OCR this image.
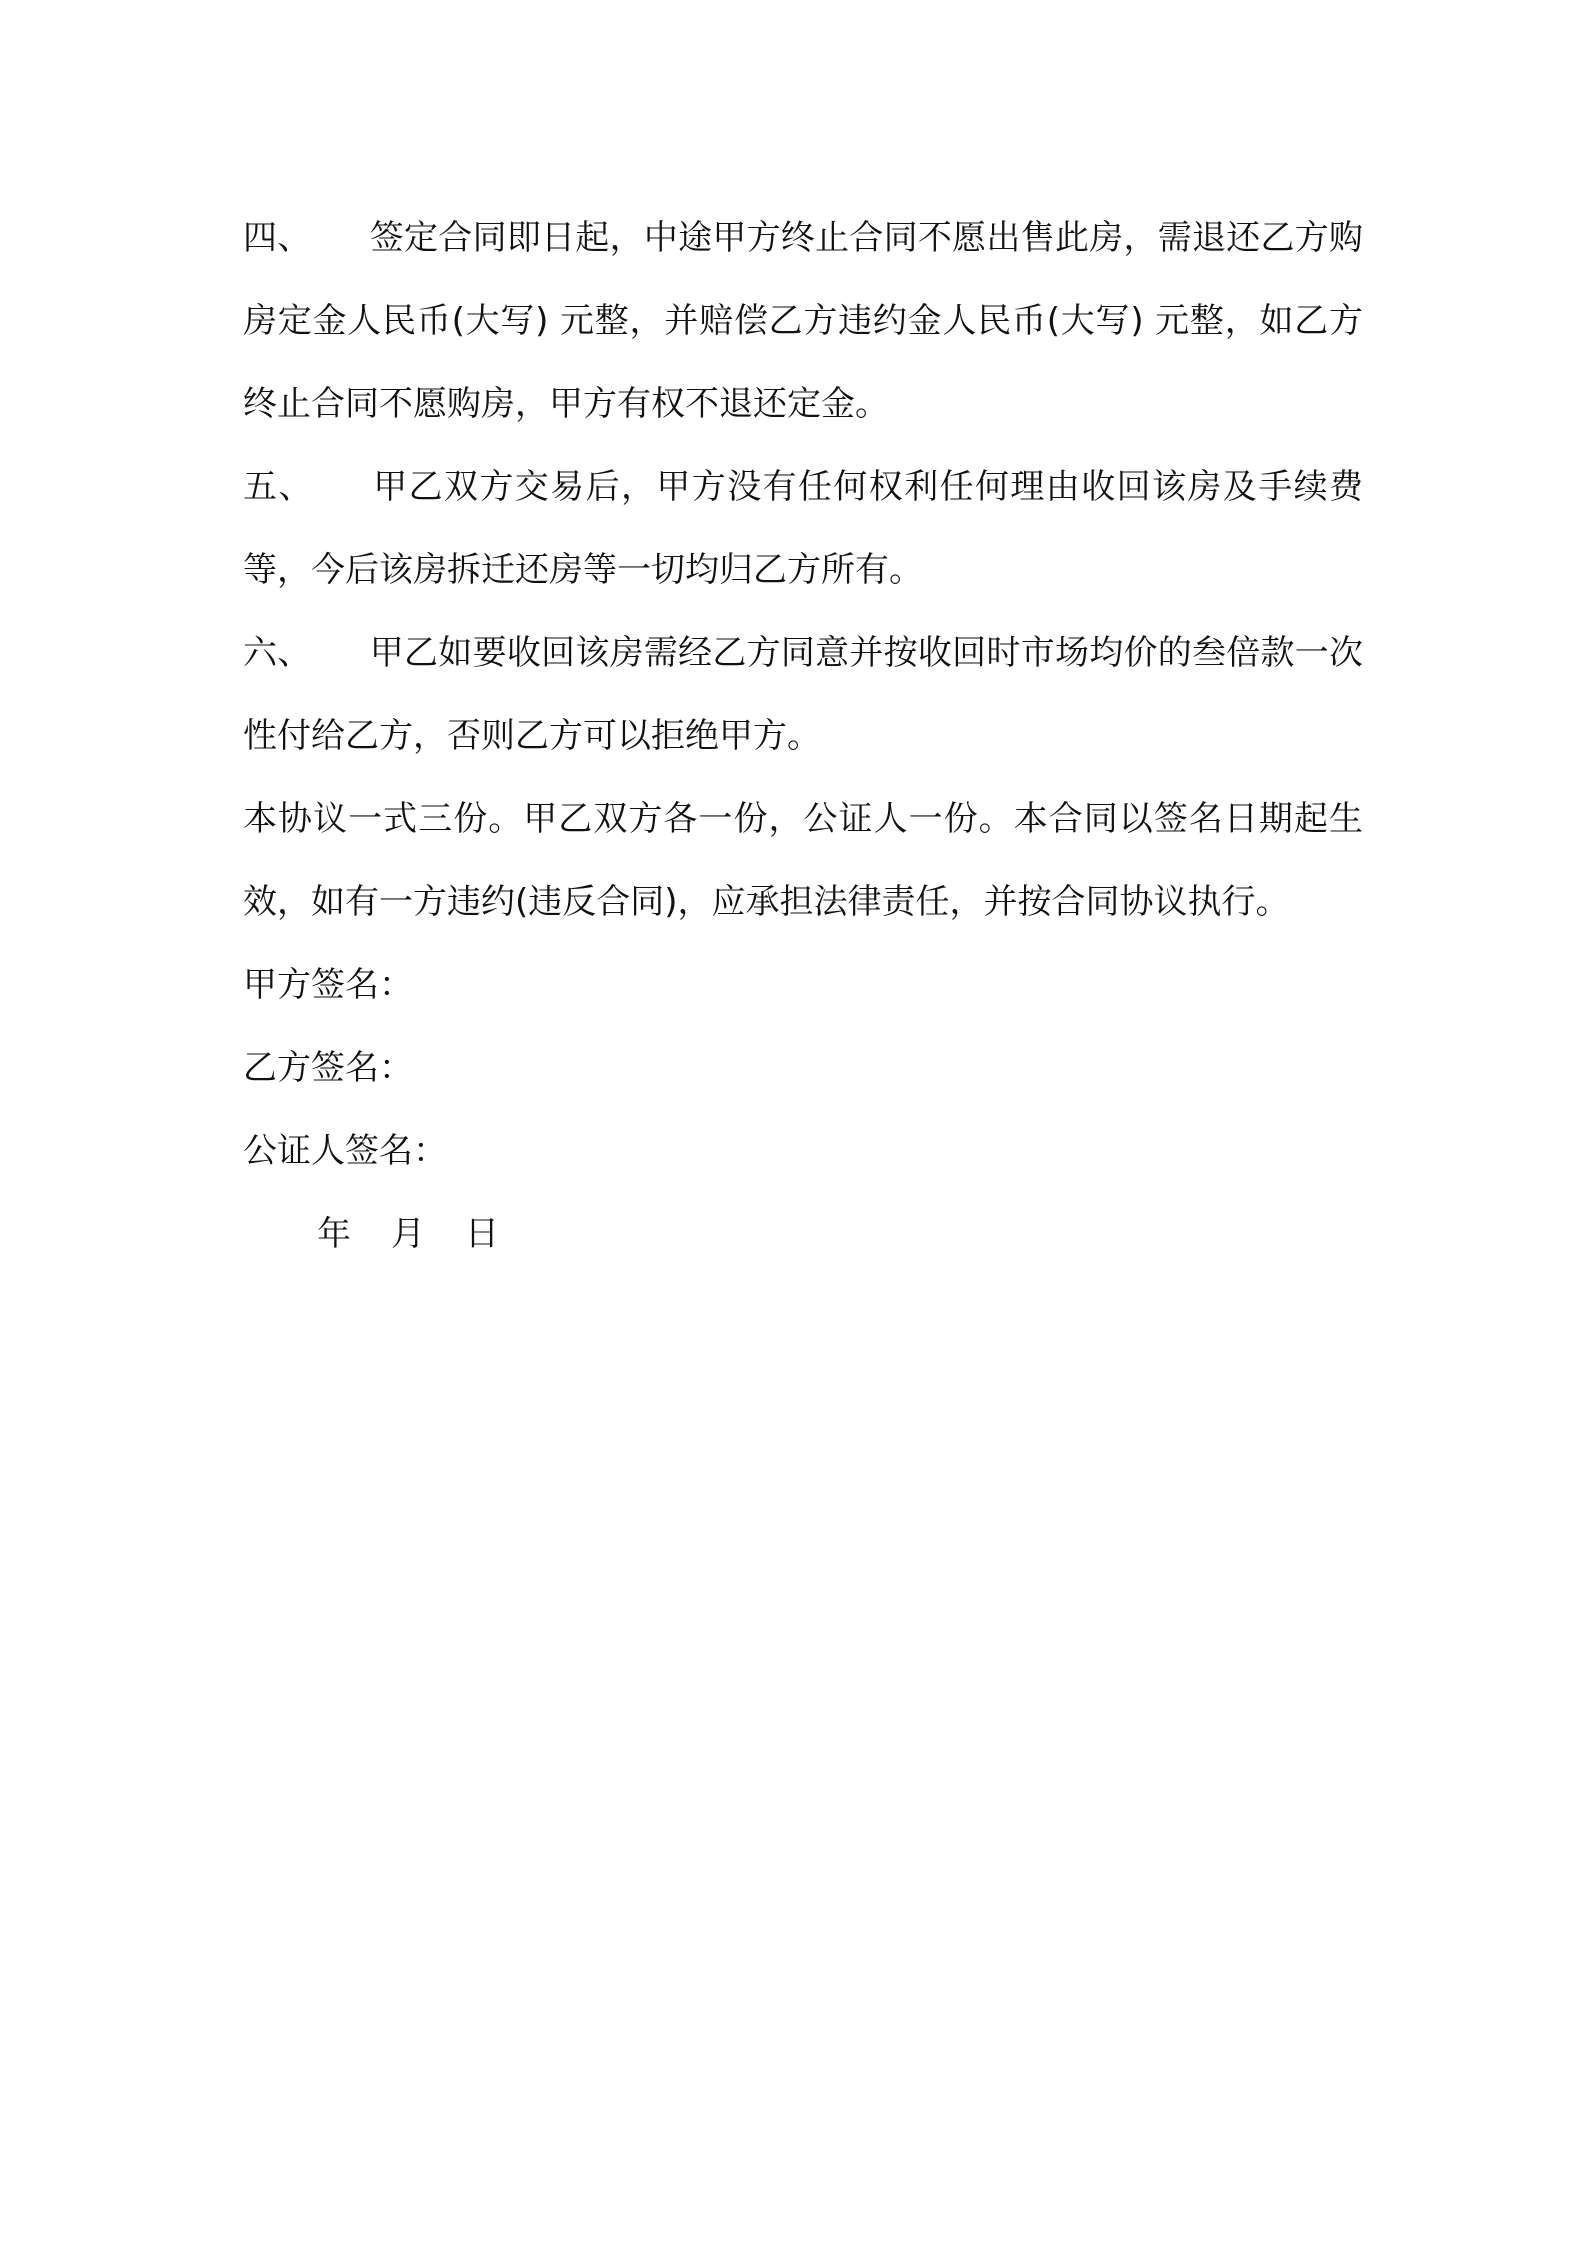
四、 签定合同即日起，中途甲方终止合同不愿出售此房，需退还乙方购房定金人民币(大写) 元整，并赔偿乙方违约金人民币(大写) 元整，如乙方终止合同不愿购房，甲方有权不退还定金。

五、 甲乙双方交易后，甲方没有任何权利任何理由收回该房及手续费等，今后该房拆迁还房等一切均归乙方所有。

六、 甲乙如要收回该房需经乙方同意并按收回时市场均价的叁倍款一次性付给乙方，否则乙方可以拒绝甲方。

本协议一式三份。甲乙双方各一份，公证人一份。本合同以签名日期起生效，如有一方违约(违反合同)，应承担法律责任，并按合同协议执行。

甲方签名：

乙方签名：

公证人签名：

年 月 日
